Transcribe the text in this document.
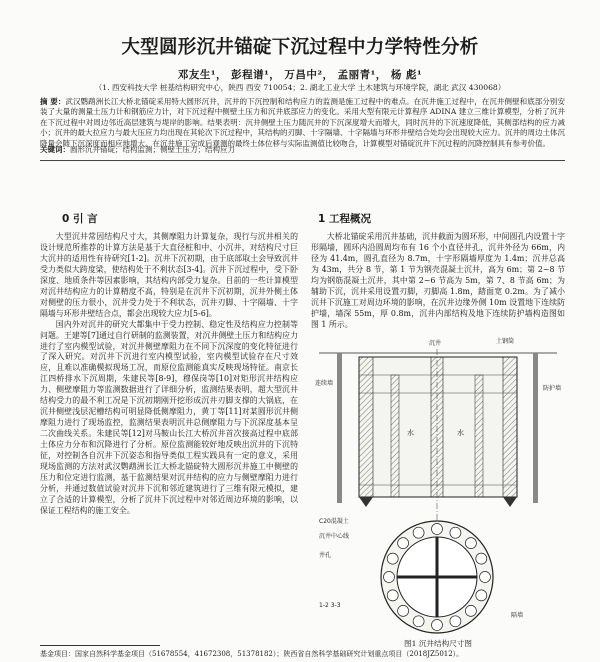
大型圆形沉井锚碇下沉过程中力学特性分析
邓友生¹， 彭程谱¹， 万昌中²， 孟丽青¹， 杨 彪¹
（1. 西安科技大学 桩基结构研究中心，陕西 西安 710054；2. 湖北工业大学 土木建筑与环境学院，湖北 武汉 430068）
摘 要：武汉鹦鹉洲长江大桥北锚碇采用特大圆形沉井，沉井的下沉控制和结构应力的监测是施工过程中的难点。在沉井施工过程中，在沉井侧壁和底部分别安装了大量的测量土压力计和钢筋应力计，对下沉过程中侧壁土压力和沉井底部应力的变化。采用大型有限元计算程序 ADINA 建立三维计算模型，分析了沉井在下沉过程中对周边邻近高层建筑与堤岸的影响。结果表明：沉井侧壁土压力随沉井的下沉深度增大而增大，同时沉井的下沉速度降低，其侧部结构的应力减小；沉井的最大拉应力与最大压应力均出现在其轮次下沉过程中，其结构的刃脚、十字隔墙、十字隔墙与环形井壁结合处均会出现较大应力。沉井的周边土体沉降量会随下沉深度而相应地增大。在沉井施工完成后观测的最终土体位移与实际监测值比较吻合，计算模型对锚碇沉井下沉过程的沉降控制具有参考价值。
关键词：圆形沉井锚碇；结构监测；侧壁土压力；结构应力
0 引 言	1 工程概况

大型沉井常因结构尺寸大，其侧摩阻力计算复杂，现行与沉井相关的设计规范所推荐的计算方法是基于大直径桩和中、小沉井，对结构尺寸巨大沉井的适用性有待研究[1-2]。沉井下沉初期，由于底部取土会导致沉井受力类似大跨度梁，使结构处于不利状态[3-4]。沉井下沉过程中，受下卧深度、地质条件等因素影响，其结构内部受力复杂。目前的一些计算模型对沉井结构应力的计算精度不高，特别是在沉井下沉初期，沉井外侧土体对侧壁的压力很小，沉井受力处于不利状态，沉井刃脚、十字隔墙、十字隔墙与环形井壁结合点，都会出现较大应力[5-6]。

国内外对沉井的研究大都集中于受力控制、稳定性及结构应力控制等问题。王建等[7]通过自行研制的监测装置，对沉井侧壁土压力和结构应力进行了室内模型试验，对沉井侧壁摩阻力在不同下沉深度的变化特征进行了深入研究。对沉井下沉进行室内模型试验，室内模型试验存在尺寸效应，且难以准确模拟现场工况，而原位监测能真实反映现场特征。南京长江四桥排水下沉周期，朱建民等[8-9]，穆保岗等[10]对矩形沉井结构应力、侧壁摩阻力等监测数据进行了详细分析，监测结果表明，超大型沉井结构受力的最不利工况是下沉初期刚开挖形成沉井刃脚支撑的大锅底，在沉井侧壁浅层泥槽结构可明显降低侧摩阻力，黄丁等[11]对某圆形沉井侧摩阻力进行了现场监控，监测结果表明沉井总侧摩阻力与下沉深度基本呈二次曲线关系。朱建民等[12]对马鞍山长江大桥沉井首次接高过程中底部土体应力分布和沉降进行了分析。原位监测能较好地反映出沉井的下沉特征，对控制各自沉井下沉姿态和指导类似工程实践具有一定的意义，采用现场监测的方法对武汉鹦鹉洲长江大桥北锚碇特大圆形沉井施工中侧壁的压力和位定进行监测，基于监测结果对沉井结构的应力与侧壁摩阻力进行分析，并通过数值试验对沉井下沉和邻近建筑进行了三维有限元模拟，建立了合适的计算模型，分析了沉井下沉过程中对邻近周边环境的影响，以保证工程结构的施工安全。

大桥北锚碇采用沉井基础，沉井截面为圆环形，中间圆孔内设置十字形隔墙，圆环内沿圆周均布有 16 个小直径井孔，沉井外径为 66m，内径为 41.4m，圆孔直径为 8.7m，十字形隔墙厚度为 1.4m；沉井总高为 43m，共分 8 节，第 1 节为钢壳混凝土沉井，高为 6m；第 2~8 节均为钢筋混凝土沉井，其中第 2~6 节高为 5m，第 7、8 节高 6m；为辅助下沉，沉井采用设置刃脚，刃脚高 1.8m，踏面宽 0.2m。为了减小沉井下沉施工对周边环境的影响，在沉井边缘外侧 10m 设置地下连续防护墙，墙深 55m，厚 0.8m，沉井内部结构及地下连续防护墙构造图如图 1 所示。

沉井	土钢筒
防护墙
连续墙
水	水
C20混凝土
沉井中心线
井孔
1-2 3-3
隔墙
图1 沉井结构尺寸图
基金项目：国家自然科学基金项目（51678554，41672308，51378182）；陕西省自然科学基础研究计划重点项目（2018JZ5012）。
